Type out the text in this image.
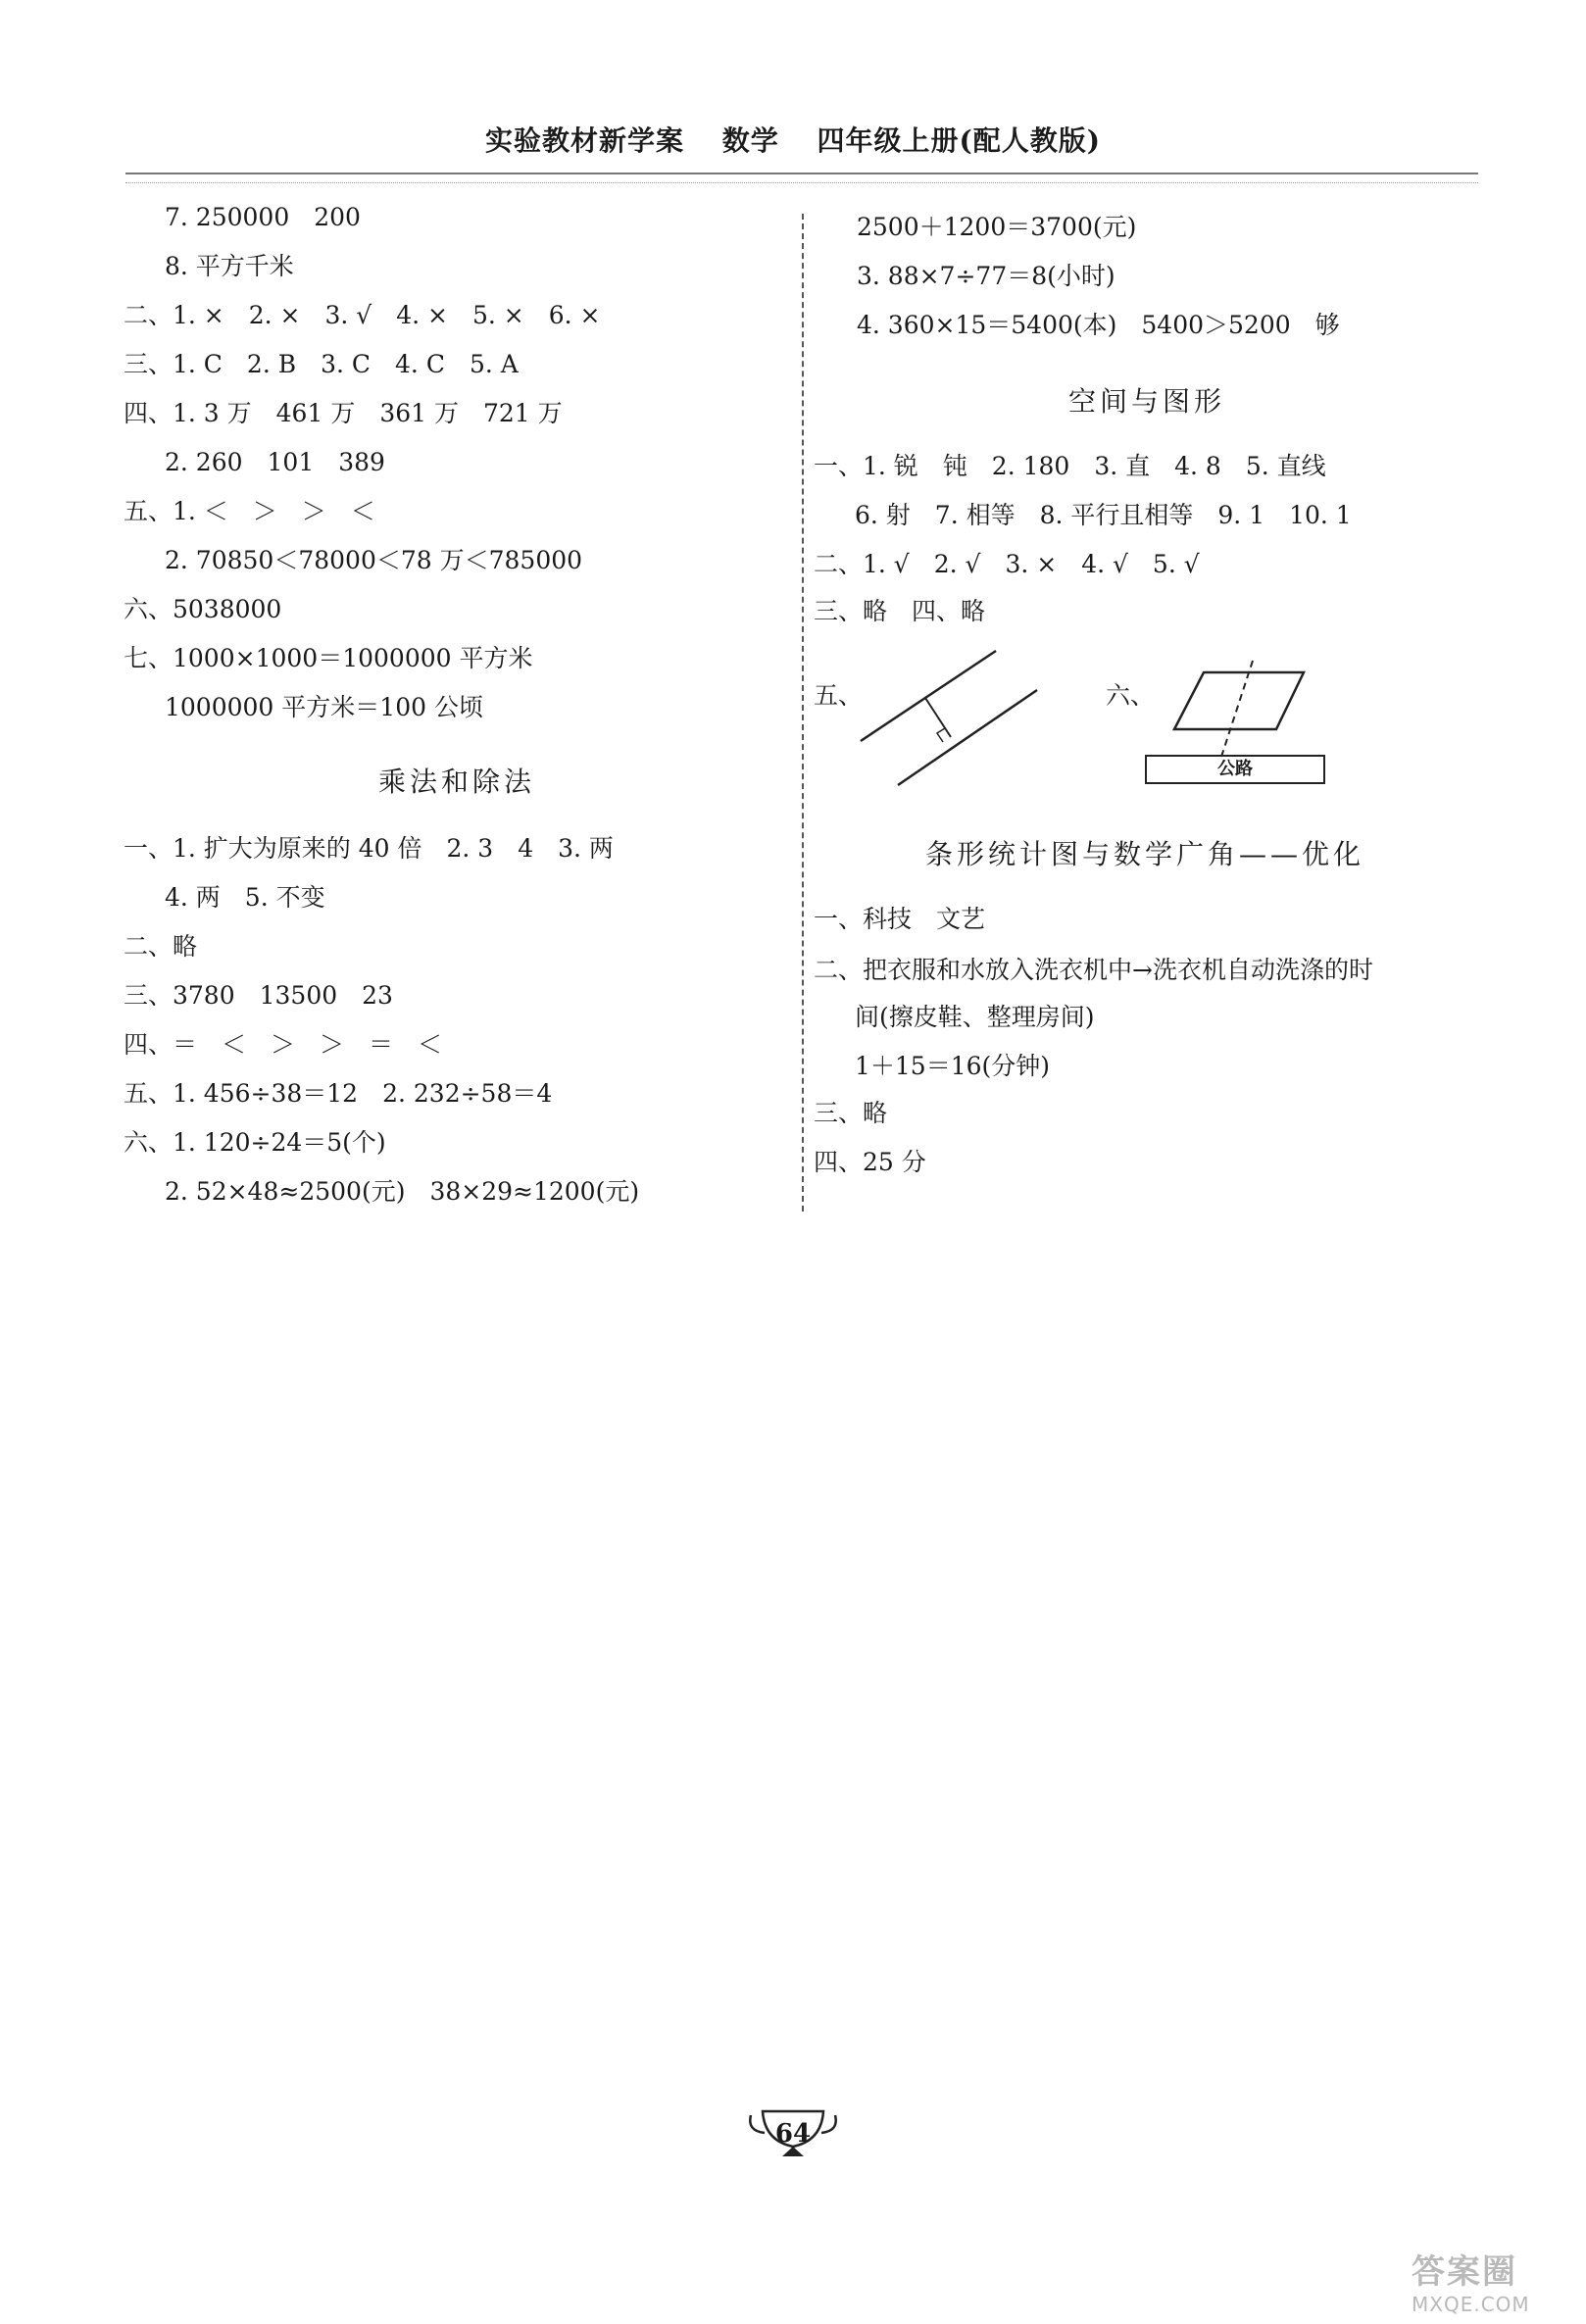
实验教材新学案 数学 四年级上册(配人教版)
7. 250000　200
8. 平方千米
二、1. ×　2. ×　3. √　4. ×　5. ×　6. ×
三、1. C　2. B　3. C　4. C　5. A
四、1. 3 万　461 万　361 万　721 万
2. 260　101　389
五、1. ＜　＞　＞　＜
2. 70850＜78000＜78 万＜785000
六、5038000
七、1000×1000＝1000000 平方米
1000000 平方米＝100 公顷
乘法和除法
一、1. 扩大为原来的 40 倍　2. 3　4　3. 两
4. 两　5. 不变
二、略
三、3780　13500　23
四、＝　＜　＞　＞　＝　＜
五、1. 456÷38＝12　2. 232÷58＝4
六、1. 120÷24＝5(个)
2. 52×48≈2500(元)　38×29≈1200(元)
2500＋1200＝3700(元)
3. 88×7÷77＝8(小时)
4. 360×15＝5400(本)　5400＞5200　够
空间与图形
一、1. 锐　钝　2. 180　3. 直　4. 8　5. 直线
6. 射　7. 相等　8. 平行且相等　9. 1　10. 1
二、1. √　2. √　3. ×　4. √　5. √
三、略　四、略
五、	六、
公路
条形统计图与数学广角——优化
一、科技　文艺
二、把衣服和水放入洗衣机中→洗衣机自动洗涤的时
间(擦皮鞋、整理房间)
1＋15＝16(分钟)
三、略
四、25 分
64
答案圈
MXQE.COM
